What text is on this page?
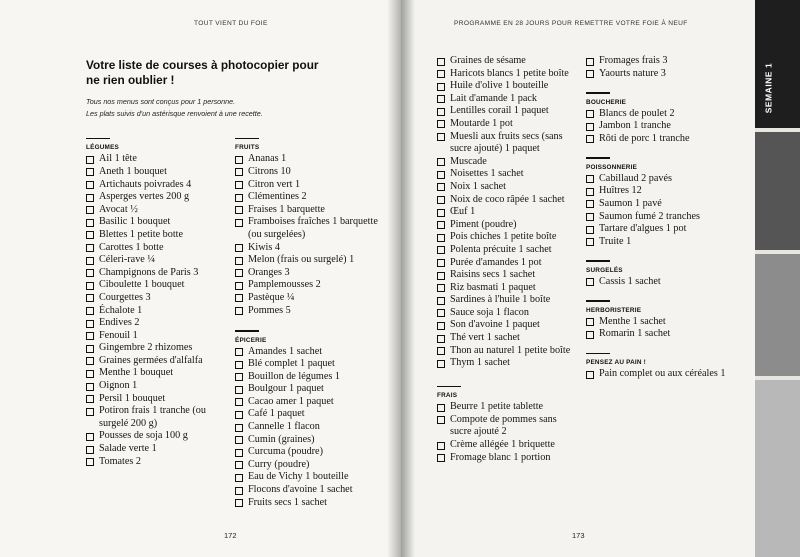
TOUT VIENT DU FOIE
Votre liste de courses à photocopier pour ne rien oublier !
Tous nos menus sont conçus pour 1 personne.
Les plats suivis d'un astérisque renvoient à une recette.
LÉGUMES
Ail 1 tête
Aneth 1 bouquet
Artichauts poivrades 4
Asperges vertes 200 g
Avocat ½
Basilic 1 bouquet
Blettes 1 petite botte
Carottes 1 botte
Céleri-rave ¼
Champignons de Paris 3
Ciboulette 1 bouquet
Courgettes 3
Échalote 1
Endives 2
Fenouil 1
Gingembre 2 rhizomes
Graines germées d'alfalfa
Menthe 1 bouquet
Oignon 1
Persil 1 bouquet
Potiron frais 1 tranche (ou surgelé 200 g)
Pousses de soja 100 g
Salade verte 1
Tomates 2
FRUITS
Ananas 1
Citrons 10
Citron vert 1
Clémentines 2
Fraises 1 barquette
Framboises fraîches 1 barquette (ou surgelées)
Kiwis 4
Melon (frais ou surgelé) 1
Oranges 3
Pamplemousses 2
Pastèque ¼
Pommes 5
ÉPICERIE
Amandes 1 sachet
Blé complet 1 paquet
Bouillon de légumes 1
Boulgour 1 paquet
Cacao amer 1 paquet
Café 1 paquet
Cannelle 1 flacon
Cumin (graines)
Curcuma (poudre)
Curry (poudre)
Eau de Vichy 1 bouteille
Flocons d'avoine 1 sachet
Fruits secs 1 sachet
172
PROGRAMME EN 28 JOURS POUR REMETTRE VOTRE FOIE À NEUF
Graines de sésame
Haricots blancs 1 petite boîte
Huile d'olive 1 bouteille
Lait d'amande 1 pack
Lentilles corail 1 paquet
Moutarde 1 pot
Muesli aux fruits secs (sans sucre ajouté) 1 paquet
Muscade
Noisettes 1 sachet
Noix 1 sachet
Noix de coco râpée 1 sachet
Œuf 1
Piment (poudre)
Pois chiches 1 petite boîte
Polenta précuite 1 sachet
Purée d'amandes 1 pot
Raisins secs 1 sachet
Riz basmati 1 paquet
Sardines à l'huile 1 boîte
Sauce soja 1 flacon
Son d'avoine 1 paquet
Thé vert 1 sachet
Thon au naturel 1 petite boîte
Thym 1 sachet
FRAIS
Beurre 1 petite tablette
Compote de pommes sans sucre ajouté 2
Crème allégée 1 briquette
Fromage blanc 1 portion
Fromages frais 3
Yaourts nature 3
BOUCHERIE
Blancs de poulet 2
Jambon 1 tranche
Rôti de porc 1 tranche
POISSONNERIE
Cabillaud 2 pavés
Huîtres 12
Saumon 1 pavé
Saumon fumé 2 tranches
Tartare d'algues 1 pot
Truite 1
SURGELÉS
Cassis 1 sachet
HERBORISTERIE
Menthe 1 sachet
Romarin 1 sachet
PENSEZ AU PAIN !
Pain complet ou aux céréales 1
173
SEMAINE 1
